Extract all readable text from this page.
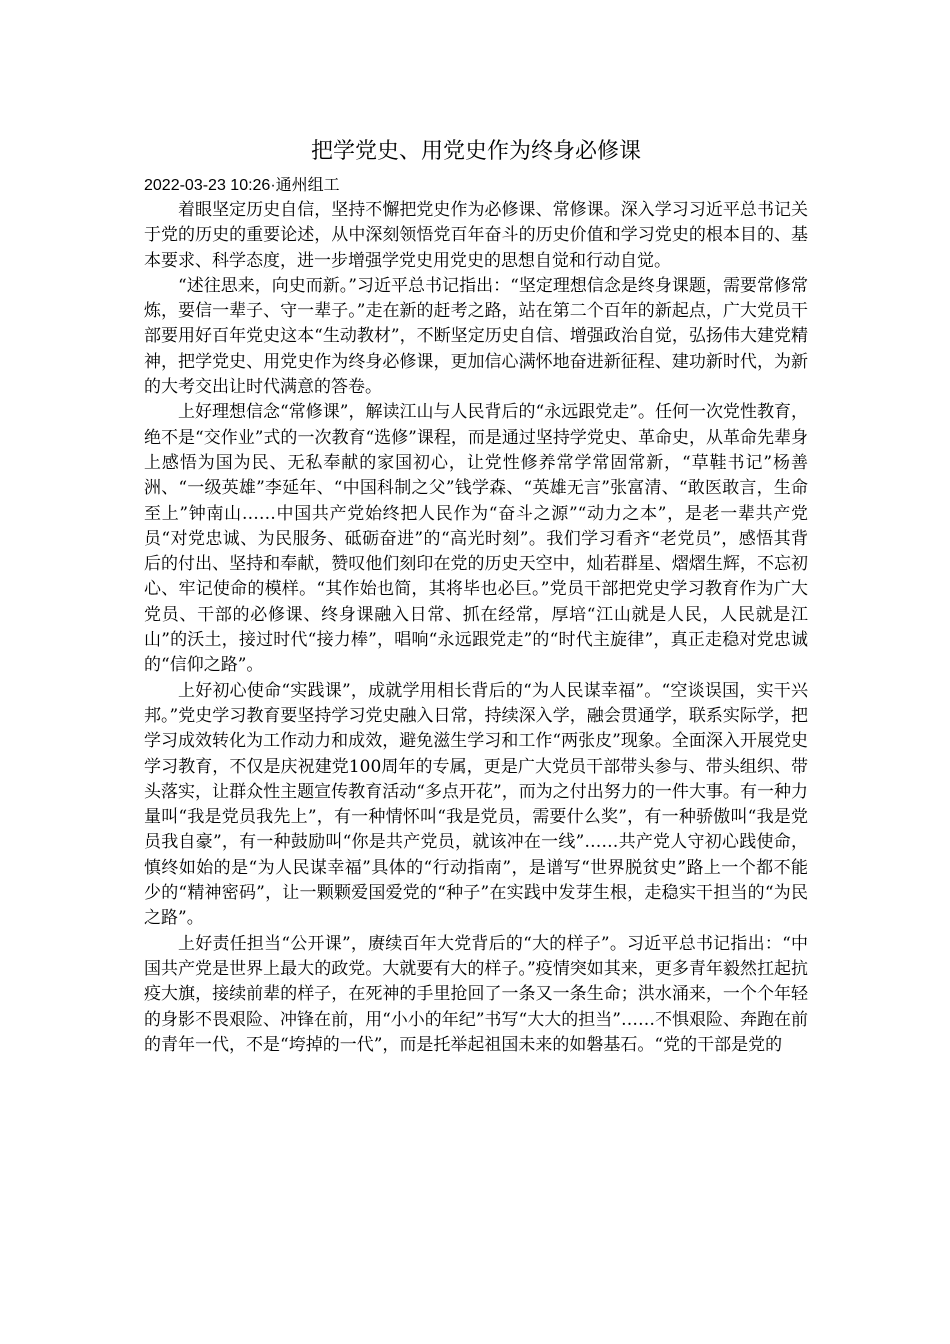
把学党史、用党史作为终身必修课

2022-03-23 10:26·通州组工

着眼坚定历史自信，坚持不懈把党史作为必修课、常修课。深入学习习近平总书记关于党的历史的重要论述，从中深刻领悟党百年奋斗的历史价值和学习党史的根本目的、基本要求、科学态度，进一步增强学党史用党史的思想自觉和行动自觉。

“述往思来，向史而新。”习近平总书记指出：“坚定理想信念是终身课题，需要常修常炼，要信一辈子、守一辈子。”走在新的赶考之路，站在第二个百年的新起点，广大党员干部要用好百年党史这本“生动教材”，不断坚定历史自信、增强政治自觉，弘扬伟大建党精神，把学党史、用党史作为终身必修课，更加信心满怀地奋进新征程、建功新时代，为新的大考交出让时代满意的答卷。

上好理想信念“常修课”，解读江山与人民背后的“永远跟党走”。任何一次党性教育，绝不是“交作业”式的一次教育“选修”课程，而是通过坚持学党史、革命史，从革命先辈身上感悟为国为民、无私奉献的家国初心，让党性修养常学常固常新，“草鞋书记”杨善洲、“一级英雄”李延年、“中国科制之父”钱学森、“英雄无言”张富清、“敢医敢言，生命至上”钟南山……中国共产党始终把人民作为“奋斗之源”“动力之本”，是老一辈共产党员“对党忠诚、为民服务、砥砺奋进”的“高光时刻”。我们学习看齐“老党员”，感悟其背后的付出、坚持和奉献，赞叹他们刻印在党的历史天空中，灿若群星、熠熠生辉，不忘初心、牢记使命的模样。“其作始也简，其将毕也必巨。”党员干部把党史学习教育作为广大党员、干部的必修课、终身课融入日常、抓在经常，厚培“江山就是人民，人民就是江山”的沃土，接过时代“接力棒”，唱响“永远跟党走”的“时代主旋律”，真正走稳对党忠诚的“信仰之路”。

上好初心使命“实践课”，成就学用相长背后的“为人民谋幸福”。“空谈误国，实干兴邦。”党史学习教育要坚持学习党史融入日常，持续深入学，融会贯通学，联系实际学，把学习成效转化为工作动力和成效，避免滋生学习和工作“两张皮”现象。全面深入开展党史学习教育，不仅是庆祝建党100周年的专属，更是广大党员干部带头参与、带头组织、带头落实，让群众性主题宣传教育活动“多点开花”，而为之付出努力的一件大事。有一种力量叫“我是党员我先上”，有一种情怀叫“我是党员，需要什么奖”，有一种骄傲叫“我是党员我自豪”，有一种鼓励叫“你是共产党员，就该冲在一线”……共产党人守初心践使命，慎终如始的是“为人民谋幸福”具体的“行动指南”，是谱写“世界脱贫史”路上一个都不能少的“精神密码”，让一颗颗爱国爱党的“种子”在实践中发芽生根，走稳实干担当的“为民之路”。

上好责任担当“公开课”，赓续百年大党背后的“大的样子”。习近平总书记指出：“中国共产党是世界上最大的政党。大就要有大的样子。”疫情突如其来，更多青年毅然扛起抗疫大旗，接续前辈的样子，在死神的手里抢回了一条又一条生命；洪水涌来，一个个年轻的身影不畏艰险、冲锋在前，用“小小的年纪”书写“大大的担当”……不惧艰险、奔跑在前的青年一代，不是“垮掉的一代”，而是托举起祖国未来的如磐基石。“党的干部是党的
